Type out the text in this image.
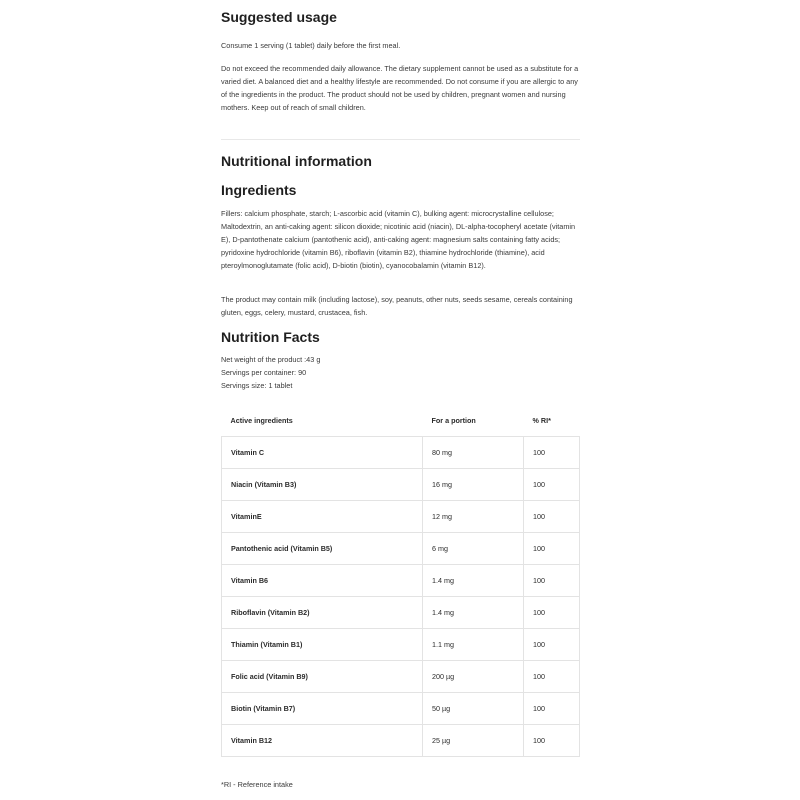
Suggested usage

Consume 1 serving (1 tablet) daily before the first meal.

Do not exceed the recommended daily allowance. The dietary supplement cannot be used as a substitute for a varied diet. A balanced diet and a healthy lifestyle are recommended. Do not consume if you are allergic to any of the ingredients in the product. The product should not be used by children, pregnant women and nursing mothers. Keep out of reach of small children.

Nutritional information
Ingredients

Fillers: calcium phosphate, starch; L-ascorbic acid (vitamin C), bulking agent: microcrystalline cellulose; Maltodextrin, an anti-caking agent: silicon dioxide; nicotinic acid (niacin), DL-alpha-tocopheryl acetate (vitamin E), D-pantothenate calcium (pantothenic acid), anti-caking agent: magnesium salts containing fatty acids; pyridoxine hydrochloride (vitamin B6), riboflavin (vitamin B2), thiamine hydrochloride (thiamine), acid pteroylmonoglutamate (folic acid), D-biotin (biotin), cyanocobalamin (vitamin B12).

The product may contain milk (including lactose), soy, peanuts, other nuts, seeds sesame, cereals containing gluten, eggs, celery, mustard, crustacea, fish.

Nutrition Facts

Net weight of the product :43 g

Servings per container: 90

Servings size: 1 tablet

Active ingredients	For a portion	% RI*
Vitamin C	80 mg	100
Niacin (Vitamin B3)	16 mg	100
VitaminE	12 mg	100
Pantothenic acid (Vitamin B5)	6 mg	100
Vitamin B6	1.4 mg	100
Riboflavin (Vitamin B2)	1.4 mg	100
Thiamin (Vitamin B1)	1.1 mg	100
Folic acid (Vitamin B9)	200 µg	100
Biotin (Vitamin B7)	50 µg	100
Vitamin B12	25 µg	100
*RI - Reference intake
